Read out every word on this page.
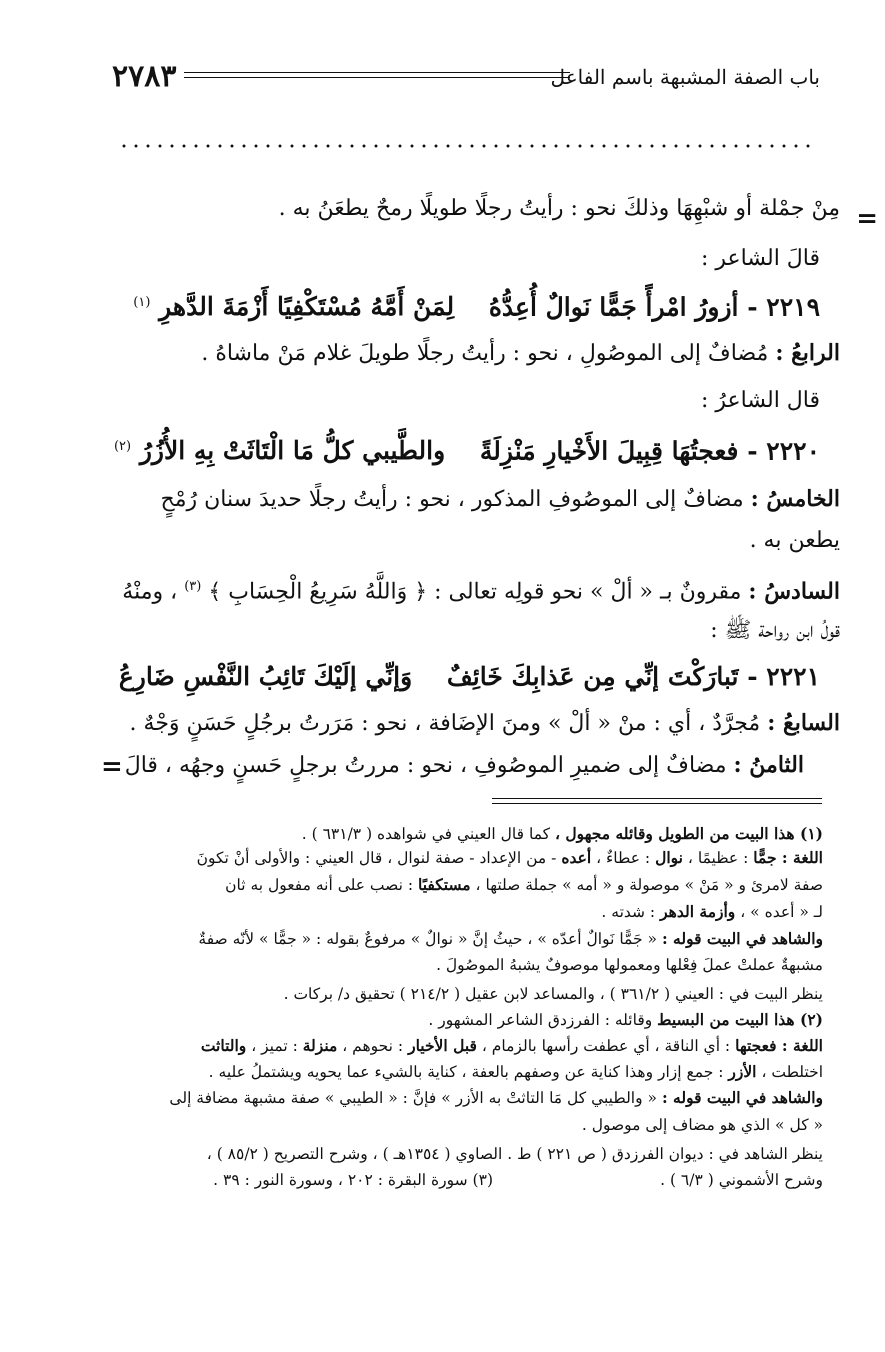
٢٧٨٣	باب الصفة المشبهة باسم الفاعل
=
مِنْ جمْلة أو شبْهِهَا وذلكَ نحو : رأيتُ رجلًا طويلًا رمحٌ يطعَنُ به .
قالَ الشاعر :
٢٢١٩ - أزورُ امْرأً جَمًّا نَوالٌ أُعِدُّهُ لِمَنْ أَمَّهُ مُسْتَكْفِيًا أَزْمَةَ الدَّهرِ $^{(١)}$
الرابعُ : مُضافٌ إلى الموصُولِ ، نحو : رأيتُ رجلًا طويلَ غلام مَنْ ماشاهُ .
قال الشاعرُ :
٢٢٢٠ - فعجتُهَا قِبِيلَ الأَخْيارِ مَنْزِلَةً والطَّيبي كلُّ مَا الْتَاثَتْ بِهِ الأُزُرُ $^{(٢)}$
الخامسُ : مضافٌ إلى الموصُوفِ المذكور ، نحو : رأيتُ رجلًا حديدَ سنان رُمْحٍ
يطعن به .
السادسُ : مقرونٌ بـ « ألْ » نحو قولِه تعالى : ﴿ وَاللَّهُ سَرِيعُ الْحِسَابِ ﴾ $^{(٣)}$ ، ومنْهُ
قولُ ابن رواحة ﷺ :
٢٢٢١ - تَبارَكْتَ إنِّي مِن عَذابِكَ خَائِفٌ وَإنِّي إلَيْكَ تَائِبُ النَّفْسِ ضَارِعُ
السابعُ : مُجرَّدٌ ، أي : منْ « ألْ » ومنَ الإضَافة ، نحو : مَرَرتُ برجُلٍ حَسَنٍ وَجْهٌ .
الثامنُ : مضافٌ إلى ضميرِ الموصُوفِ ، نحو : مررتُ برجلٍ حَسنٍ وجهُه ، قالَ
=
(١) هذا البيت من الطويل وقائله مجهول ، كما قال العيني في شواهده ( ٦٣١/٣ ) .
اللغة : جمًّا : عظيمًا ، نوال : عطاءٌ ، أعده - من الإعداد - صفة لنوال ، قال العيني : والأولى أنْ تكونَ
صفة لامرئ و « مَنْ » موصولة و « أمه » جملة صلتها ، مستكفيًا : نصب على أنه مفعول به ثان
لـ « أعده » ، وأزمة الدهر : شدته .
والشاهد في البيت قوله : « جَمًّا نَوالٌ أعدّه » ، حيثُ إنَّ « نوالٌ » مرفوعٌ بقوله : « جمًّا » لأنّه صفةٌ
مشبهةٌ عملتْ عملَ فِعْلها ومعمولها موصوفٌ يشبهُ الموصُولَ .
ينظر البيت في : العيني ( ٣٦١/٢ ) ، والمساعد لابن عقيل ( ٢١٤/٢ ) تحقيق د/ بركات .
(٢) هذا البيت من البسيط وقائله : الفرزدق الشاعر المشهور .
اللغة : فعجتها : أي الناقة ، أي عطفت رأسها بالزمام ، قبل الأخيار : نحوهم ، منزلة : تميز ، والتاثت
اختلطت ، الأزر : جمع إزار وهذا كناية عن وصفهم بالعفة ، كناية بالشيء عما يحويه ويشتملُ عليه .
والشاهد في البيت قوله : « والطيبي كل مَا التاثتْ به الأزر » فإنَّ : « الطيبي » صفة مشبهة مضافة إلى
« كل » الذي هو مضاف إلى موصول .
ينظر الشاهد في : ديوان الفرزدق ( ص ٢٢١ ) ط . الصاوي ( ١٣٥٤هـ ) ، وشرح التصريح ( ٨٥/٢ ) ،
وشرح الأشموني ( ٦/٣ ) .
(٣) سورة البقرة : ٢٠٢ ، وسورة النور : ٣٩ .
